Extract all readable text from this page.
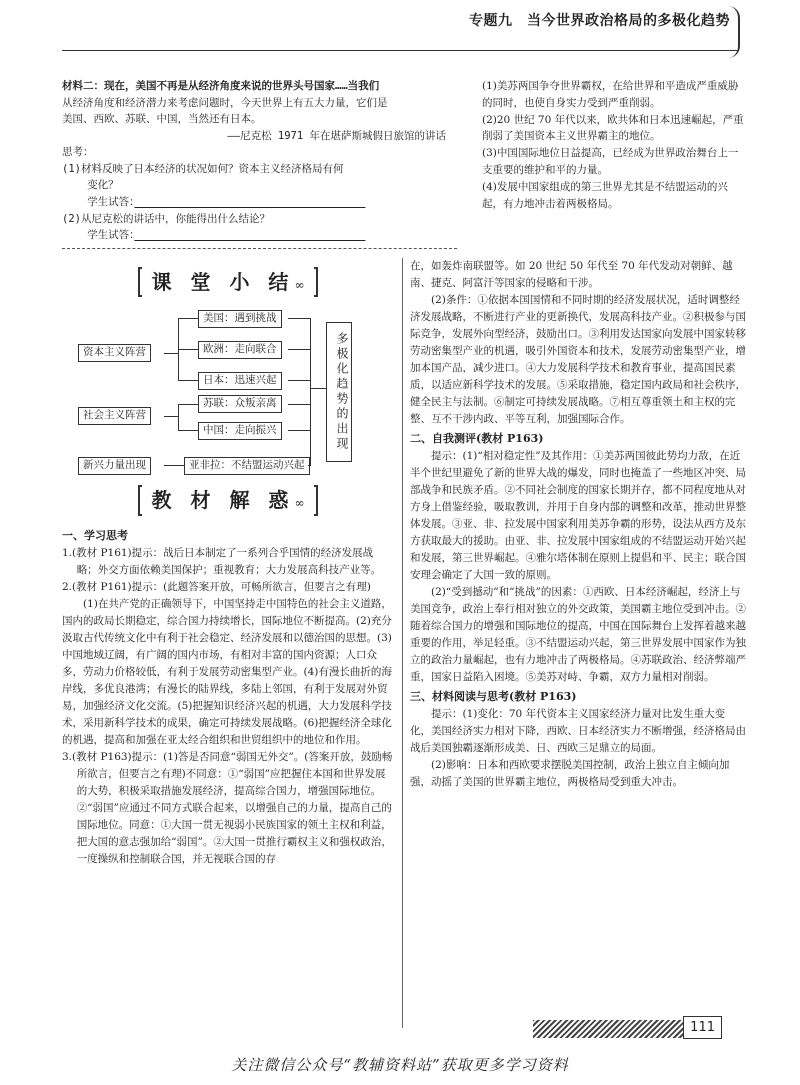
专题九　当今世界政治格局的多极化趋势
材料二：现在，美国不再是从经济角度来说的世界头号国家……当我们
从经济角度和经济潜力来考虑问题时，今天世界上有五大力量，它们是
美国、西欧、苏联、中国，当然还有日本。
——尼克松 1971 年在堪萨斯城假日旅馆的讲话
思考：
(1)材料反映了日本经济的状况如何？资本主义经济格局有何
变化？
学生试答：　　　　　　　　　　　　　　　　　　　　　　
(2)从尼克松的讲话中，你能得出什么结论？
学生试答：　　　　　　　　　　　　　　　　　　　　　　
(1)美苏两国争夺世界霸权，在给世界和平造成严重威胁的同时，也使自身实力受到严重削弱。
(2)20 世纪 70 年代以来，欧共体和日本迅速崛起，严重削弱了美国资本主义世界霸主的地位。
(3)中国国际地位日益提高，已经成为世界政治舞台上一支重要的维护和平的力量。
(4)发展中国家组成的第三世界尤其是不结盟运动的兴起，有力地冲击着两极格局。
课 堂 小 结∞
资本主义阵营
社会主义阵营
新兴力量出现
美国：遇到挑战
欧洲：走向联合
日本：迅速兴起
苏联：众叛亲离
中国：走向振兴
亚非拉：不结盟运动兴起
多极化趋势的出现
教 材 解 惑∞
一、学习思考
1.(教材 P161)提示：战后日本制定了一系列合乎国情的经济发展战略；外交方面依赖美国保护；重视教育；大力发展高科技产业等。
2.(教材 P161)提示：(此题答案开放，可畅所欲言，但要言之有理)
(1)在共产党的正确领导下，中国坚持走中国特色的社会主义道路，国内的政局长期稳定，综合国力持续增长，国际地位不断提高。(2)充分汲取古代传统文化中有利于社会稳定、经济发展和以德治国的思想。(3)中国地域辽阔，有广阔的国内市场，有相对丰富的国内资源；人口众多，劳动力价格较低，有利于发展劳动密集型产业。(4)有漫长曲折的海岸线，多优良港湾；有漫长的陆界线，多陆上邻国，有利于发展对外贸易，加强经济文化交流。(5)把握知识经济兴起的机遇，大力发展科学技术，采用新科学技术的成果，确定可持续发展战略。(6)把握经济全球化的机遇，提高和加强在亚太经合组织和世贸组织中的地位和作用。
3.(教材 P163)提示：(1)答是否同意“弱国无外交”。(答案开放，鼓励畅所欲言，但要言之有理)不同意：①“弱国”应把握住本国和世界发展的大势，积极采取措施发展经济，提高综合国力，增强国际地位。②“弱国”应通过不同方式联合起来，以增强自己的力量，提高自己的国际地位。同意：①大国一贯无视弱小民族国家的领土主权和利益，把大国的意志强加给“弱国”。②大国一贯推行霸权主义和强权政治，一度操纵和控制联合国，并无视联合国的存
在，如轰炸南联盟等。如 20 世纪 50 年代至 70 年代发动对朝鲜、越南、捷克、阿富汗等国家的侵略和干涉。
(2)条件：①依据本国国情和不同时期的经济发展状况，适时调整经济发展战略，不断进行产业的更新换代，发展高科技产业。②积极参与国际竞争，发展外向型经济，鼓励出口。③利用发达国家向发展中国家转移劳动密集型产业的机遇，吸引外国资本和技术，发展劳动密集型产业，增加本国产品，减少进口。④大力发展科学技术和教育事业，提高国民素质，以适应新科学技术的发展。⑤采取措施，稳定国内政局和社会秩序，健全民主与法制。⑥制定可持续发展战略。⑦相互尊重领土和主权的完整、互不干涉内政、平等互利，加强国际合作。
二、自我测评(教材 P163)
提示：(1)“相对稳定性”及其作用：①美苏两国彼此势均力敌，在近半个世纪里避免了新的世界大战的爆发，同时也掩盖了一些地区冲突、局部战争和民族矛盾。②不同社会制度的国家长期并存，都不同程度地从对方身上借鉴经验，吸取教训，并用于自身内部的调整和改革，推动世界整体发展。③亚、非、拉发展中国家利用美苏争霸的形势，设法从西方及东方获取最大的援助。由亚、非、拉发展中国家组成的不结盟运动开始兴起和发展，第三世界崛起。④雅尔塔体制在原则上提倡和平、民主；联合国安理会确定了大国一致的原则。
(2)“受到撼动”和“挑战”的因素：①西欧、日本经济崛起，经济上与美国竞争，政治上奉行相对独立的外交政策，美国霸主地位受到冲击。②随着综合国力的增强和国际地位的提高，中国在国际舞台上发挥着越来越重要的作用，举足轻重。③不结盟运动兴起，第三世界发展中国家作为独立的政治力量崛起，也有力地冲击了两极格局。④苏联政治、经济弊端严重，国家日益陷入困境。⑤美苏对峙、争霸，双方力量相对削弱。
三、材料阅读与思考(教材 P163)
提示：(1)变化：70 年代资本主义国家经济力量对比发生重大变化，美国经济实力相对下降，西欧、日本经济实力不断增强，经济格局由战后美国独霸逐渐形成美、日、西欧三足鼎立的局面。
(2)影响：日本和西欧要求摆脱美国控制，政治上独立自主倾向加强，动摇了美国的世界霸主地位，两极格局受到重大冲击。
111
关注微信公众号“教辅资料站”获取更多学习资料
